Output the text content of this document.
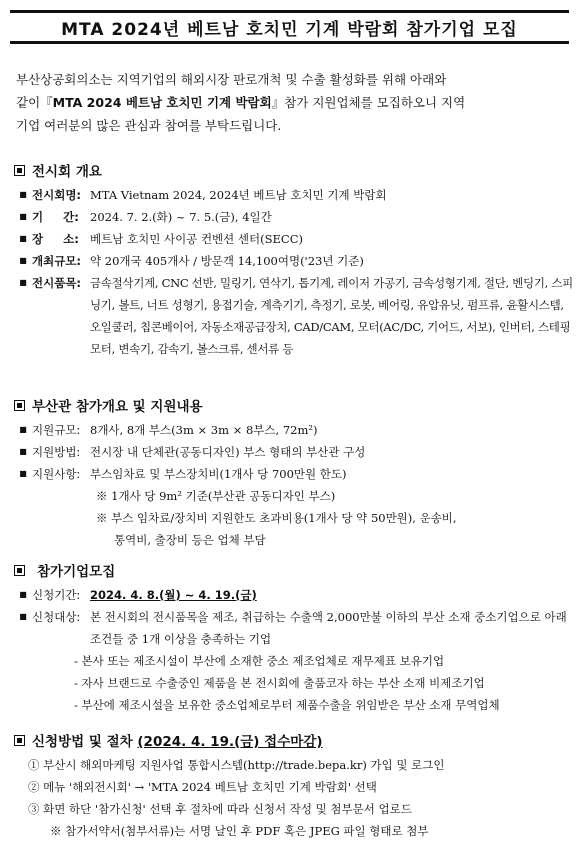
MTA 2024년 베트남 호치민 기계 박람회 참가기업 모집
부산상공회의소는 지역기업의 해외시장 판로개척 및 수출 활성화를 위해 아래와
같이『MTA 2024 베트남 호치민 기계 박람회』참가 지원업체를 모집하오니 지역
기업 여러분의 많은 관심과 참여를 부탁드립니다.
전시회 개요
■ 전시회명: MTA Vietnam 2024, 2024년 베트남 호치민 기계 박람회
■ 기     간: 2024. 7. 2.(화) ~ 7. 5.(금), 4일간
■ 장     소: 베트남 호치민 사이공 컨벤션 센터(SECC)
■ 개최규모: 약 20개국 405개사 / 방문객 14,100여명('23년 기준)
■ 전시품목: 금속절삭기계, CNC 선반, 밀링기, 연삭기, 톱기계, 레이저 가공기, 금속성형기계, 절단, 벤딩기, 스피닝기, 볼트, 너트 성형기, 용접기술, 계측기기, 측정기, 로봇, 베어링, 유압유닛, 펌프류, 윤활시스템, 오일쿨러, 칩콘베이어, 자동소재공급장치, CAD/CAM, 모터(AC/DC, 기어드, 서보), 인버터, 스테핑 모터, 변속기, 감속기, 볼스크류, 센서류 등
부산관 참가개요 및 지원내용
■ 지원규모: 8개사, 8개 부스(3m × 3m × 8부스, 72m²)
■ 지원방법: 전시장 내 단체관(공동디자인) 부스 형태의 부산관 구성
■ 지원사항: 부스임차료 및 부스장치비(1개사 당 700만원 한도)
※ 1개사 당 9m² 기준(부산관 공동디자인 부스)
※ 부스 임차료/장치비 지원한도 초과비용(1개사 당 약 50만원), 운송비,
통역비, 출장비 등은 업체 부담
참가기업모집
■ 신청기간: 2024. 4. 8.(월) ~ 4. 19.(금)
■ 신청대상: 본 전시회의 전시품목을 제조, 취급하는 수출액 2,000만불 이하의 부산 소재 중소기업으로 아래 조건들 중 1개 이상을 충족하는 기업
- 본사 또는 제조시설이 부산에 소재한 중소 제조업체로 재무제표 보유기업
- 자사 브랜드로 수출중인 제품을 본 전시회에 출품코자 하는 부산 소재 비제조기업
- 부산에 제조시설을 보유한 중소업체로부터 제품수출을 위임받은 부산 소재 무역업체
신청방법 및 절차 (2024. 4. 19.(금) 접수마감)
① 부산시 해외마케팅 지원사업 통합시스템(http://trade.bepa.kr) 가입 및 로그인
② 메뉴 '해외전시회' → 'MTA 2024 베트남 호치민 기계 박람회' 선택
③ 화면 하단 '참가신청' 선택 후 절차에 따라 신청서 작성 및 첨부문서 업로드
※ 참가서약서(첨부서류)는 서명 날인 후 PDF 혹은 JPEG 파일 형태로 첨부
